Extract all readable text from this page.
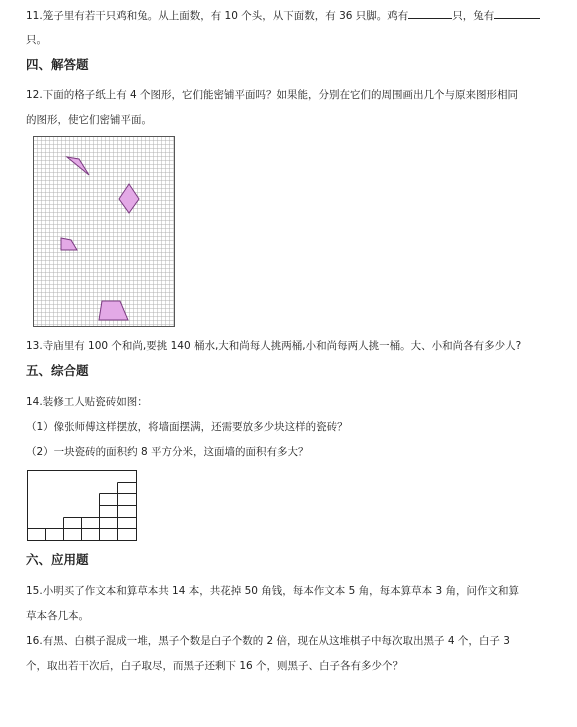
11.笼子里有若干只鸡和兔。从上面数，有 10 个头，从下面数，有 36 只脚。鸡有	只，兔有
只。
四、解答题
12.下面的格子纸上有 4 个图形，它们能密铺平面吗？如果能，分别在它们的周围画出几个与原来图形相同
的图形，使它们密铺平面。
13.寺庙里有 100 个和尚,要挑 140 桶水,大和尚每人挑两桶,小和尚每两人挑一桶。大、小和尚各有多少人?
五、综合题
14.装修工人贴瓷砖如图：
（1）像张师傅这样摆放，将墙面摆满，还需要放多少块这样的瓷砖？
（2）一块瓷砖的面积约 8 平方分米，这面墙的面积有多大？
六、应用题
15.小明买了作文本和算草本共 14 本，共花掉 50 角钱，每本作文本 5 角，每本算草本 3 角，问作文和算
草本各几本。
16.有黑、白棋子混成一堆，黑子个数是白子个数的 2 倍，现在从这堆棋子中每次取出黑子 4 个，白子 3
个，取出若干次后，白子取尽，而黑子还剩下 16 个，则黑子、白子各有多少个？
